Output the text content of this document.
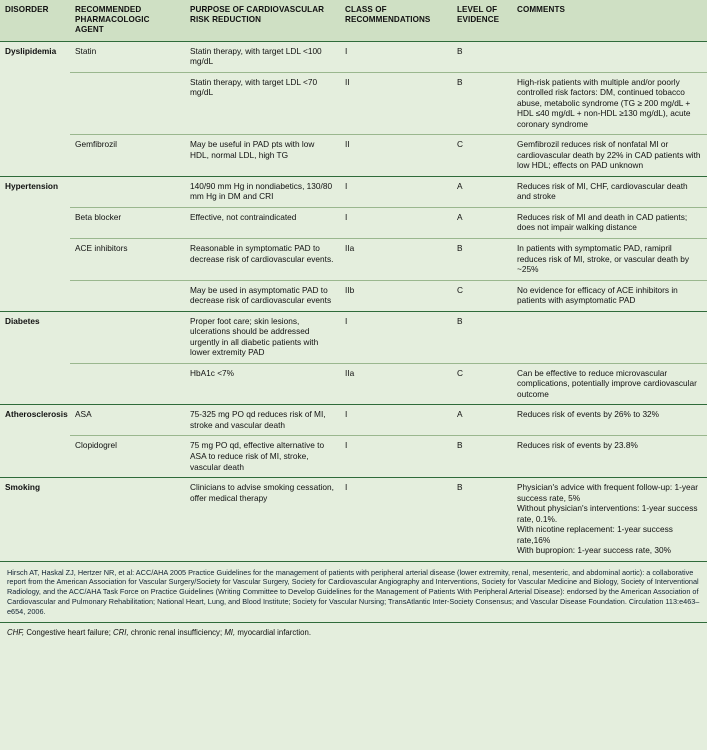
DISORDER	RECOMMENDED PHARMACOLOGIC AGENT	PURPOSE OF CARDIOVASCULAR RISK REDUCTION	CLASS OF RECOMMENDATIONS	LEVEL OF EVIDENCE	COMMENTS
Dyslipidemia	Statin	Statin therapy, with target LDL <100 mg/dL	I	B	
		Statin therapy, with target LDL <70 mg/dL	II	B	High-risk patients with multiple and/or poorly controlled risk factors: DM, continued tobacco abuse, metabolic syndrome (TG ≥ 200 mg/dL + HDL ≤40 mg/dL + non-HDL ≥130 mg/dL), acute coronary syndrome
	Gemfibrozil	May be useful in PAD pts with low HDL, normal LDL, high TG	II	C	Gemfibrozil reduces risk of nonfatal MI or cardiovascular death by 22% in CAD patients with low HDL; effects on PAD unknown
Hypertension		140/90 mm Hg in nondiabetics, 130/80 mm Hg in DM and CRI	I	A	Reduces risk of MI, CHF, cardiovascular death and stroke
	Beta blocker	Effective, not contraindicated	I	A	Reduces risk of MI and death in CAD patients; does not impair walking distance
	ACE inhibitors	Reasonable in symptomatic PAD to decrease risk of cardiovascular events.	IIa	B	In patients with symptomatic PAD, ramipril reduces risk of MI, stroke, or vascular death by ~25%
		May be used in asymptomatic PAD to decrease risk of cardiovascular events	IIb	C	No evidence for efficacy of ACE inhibitors in patients with asymptomatic PAD
Diabetes		Proper foot care; skin lesions, ulcerations should be addressed urgently in all diabetic patients with lower extremity PAD	I	B	
		HbA1c <7%	IIa	C	Can be effective to reduce microvascular complications, potentially improve cardiovascular outcome
Atherosclerosis	ASA	75-325 mg PO qd reduces risk of MI, stroke and vascular death	I	A	Reduces risk of events by 26% to 32%
	Clopidogrel	75 mg PO qd, effective alternative to ASA to reduce risk of MI, stroke, vascular death	I	B	Reduces risk of events by 23.8%
Smoking		Clinicians to advise smoking cessation, offer medical therapy	I	B	Physician's advice with frequent follow-up: 1-year success rate, 5%
Without physician's interventions: 1-year success rate, 0.1%.
With nicotine replacement: 1-year success rate,16%
With bupropion: 1-year success rate, 30%
Hirsch AT, Haskal ZJ, Hertzer NR, et al: ACC/AHA 2005 Practice Guidelines for the management of patients with peripheral arterial disease (lower extremity, renal, mesenteric, and abdominal aortic): a collaborative report from the American Association for Vascular Surgery/Society for Vascular Surgery, Society for Cardiovascular Angiography and Interventions, Society for Vascular Medicine and Biology, Society of Interventional Radiology, and the ACC/AHA Task Force on Practice Guidelines (Writing Committee to Develop Guidelines for the Management of Patients With Peripheral Arterial Disease): endorsed by the American Association of Cardiovascular and Pulmonary Rehabilitation; National Heart, Lung, and Blood Institute; Society for Vascular Nursing; TransAtlantic Inter-Society Consensus; and Vascular Disease Foundation. Circulation 113:e463–e654, 2006.
CHF, Congestive heart failure; CRI, chronic renal insufficiency; MI, myocardial infarction.
